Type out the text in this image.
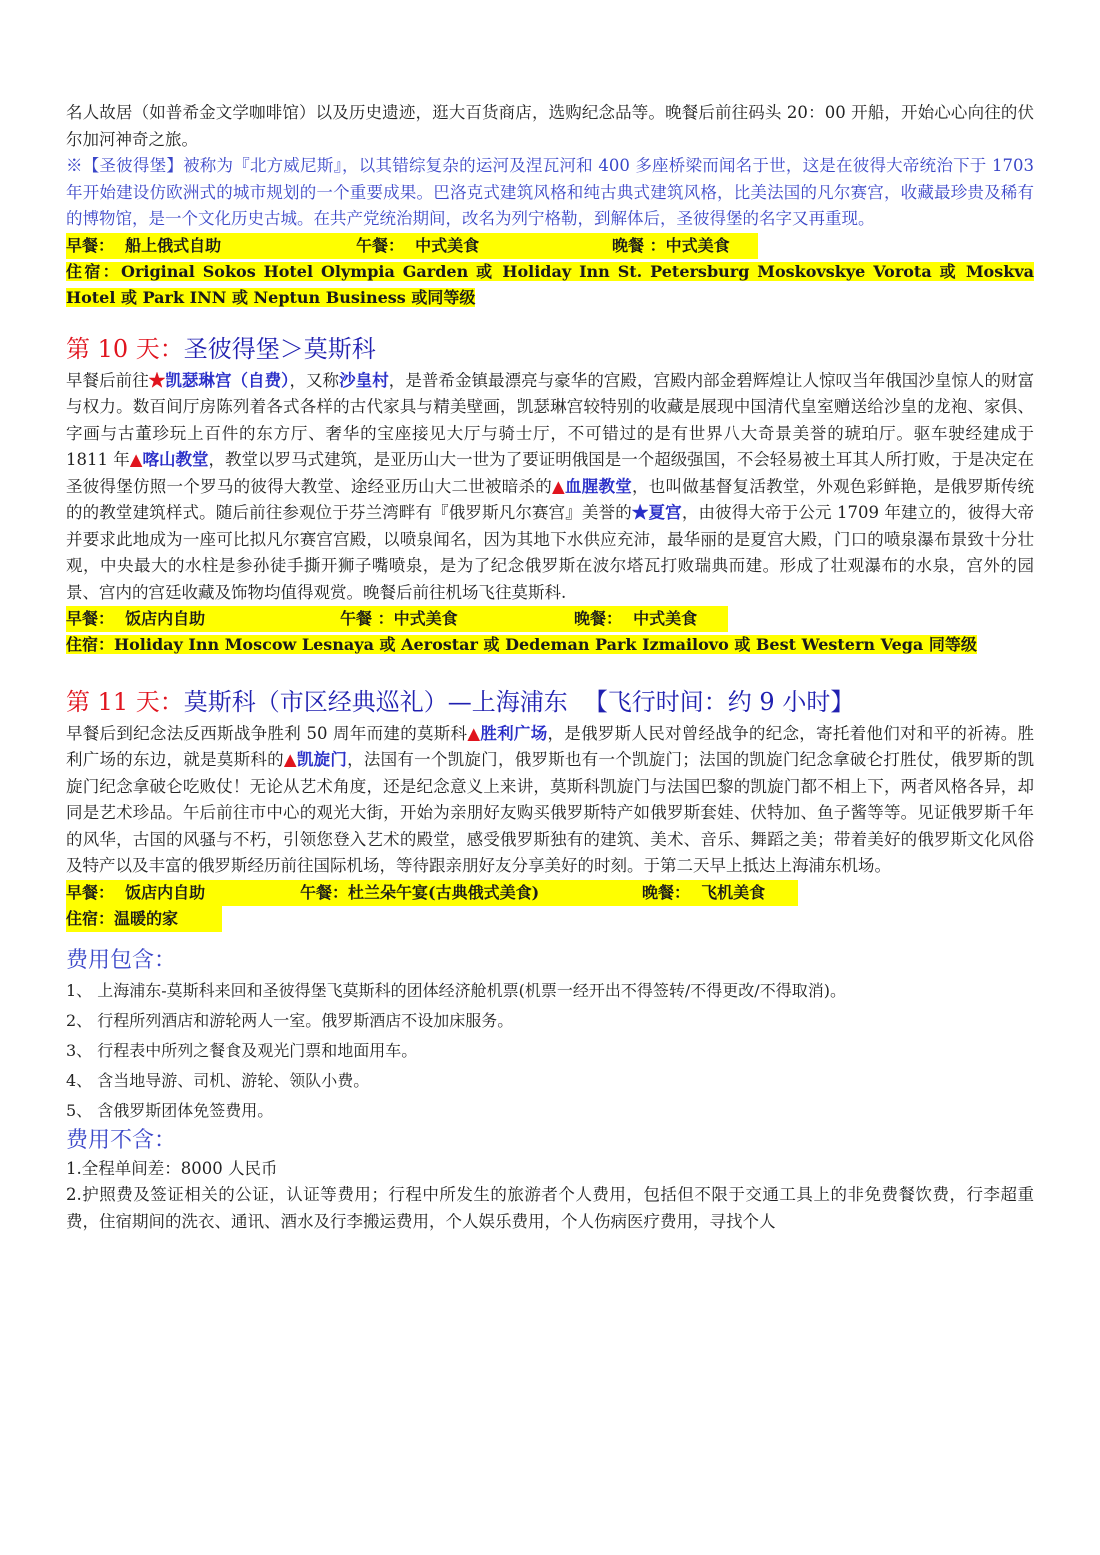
名人故居（如普希金文学咖啡馆）以及历史遗迹，逛大百货商店，选购纪念品等。晚餐后前往码头 20：00 开船，开始心心向往的伏尔加河神奇之旅。

※【圣彼得堡】被称为『北方威尼斯』，以其错综复杂的运河及涅瓦河和 400 多座桥梁而闻名于世，这是在彼得大帝统治下于 1703 年开始建设仿欧洲式的城市规划的一个重要成果。巴洛克式建筑风格和纯古典式建筑风格，比美法国的凡尔赛宫，收藏最珍贵及稀有的博物馆，是一个文化历史古城。在共产党统治期间，改名为列宁格勒，到解体后，圣彼得堡的名字又再重现。

早餐：  船上俄式自助	午餐：  中式美食	晚餐 ：中式美食

住宿：Original Sokos Hotel Olympia Garden 或 Holiday Inn St. Petersburg Moskovskye Vorota 或 Moskva Hotel 或 Park INN 或 Neptun Business 或同等级

第 10 天：圣彼得堡＞莫斯科

早餐后前往★凯瑟琳宫（自费），又称沙皇村，是普希金镇最漂亮与豪华的宫殿，宫殿内部金碧辉煌让人惊叹当年俄国沙皇惊人的财富与权力。数百间厅房陈列着各式各样的古代家具与精美壁画，凯瑟琳宫较特别的收藏是展现中国清代皇室赠送给沙皇的龙袍、家俱、字画与古董珍玩上百件的东方厅、奢华的宝座接见大厅与骑士厅，不可错过的是有世界八大奇景美誉的琥珀厅。驱车驶经建成于 1811 年▲喀山教堂，教堂以罗马式建筑，是亚历山大一世为了要证明俄国是一个超级强国，不会轻易被土耳其人所打败，于是决定在圣彼得堡仿照一个罗马的彼得大教堂、途经亚历山大二世被暗杀的▲血腥教堂，也叫做基督复活教堂，外观色彩鲜艳，是俄罗斯传统的的教堂建筑样式。随后前往参观位于芬兰湾畔有『俄罗斯凡尔赛宫』美誉的★夏宫，由彼得大帝于公元 1709 年建立的，彼得大帝并要求此地成为一座可比拟凡尔赛宫宫殿，以喷泉闻名，因为其地下水供应充沛，最华丽的是夏宫大殿，门口的喷泉瀑布景致十分壮观，中央最大的水柱是参孙徒手撕开狮子嘴喷泉，是为了纪念俄罗斯在波尔塔瓦打败瑞典而建。形成了壮观瀑布的水泉，宫外的园景、宫内的宫廷收藏及饰物均值得观赏。晚餐后前往机场飞往莫斯科.

早餐：  饭店内自助	午餐 ：中式美食	晚餐：  中式美食

住宿：Holiday Inn Moscow Lesnaya 或 Aerostar 或 Dedeman Park Izmailovo 或 Best Western Vega 同等级

第 11 天：莫斯科（市区经典巡礼）—上海浦东 【飞行时间：约 9 小时】

早餐后到纪念法反西斯战争胜利 50 周年而建的莫斯科▲胜利广场，是俄罗斯人民对曾经战争的纪念，寄托着他们对和平的祈祷。胜利广场的东边，就是莫斯科的▲凯旋门，法国有一个凯旋门，俄罗斯也有一个凯旋门；法国的凯旋门纪念拿破仑打胜仗，俄罗斯的凯旋门纪念拿破仑吃败仗！无论从艺术角度，还是纪念意义上来讲，莫斯科凯旋门与法国巴黎的凯旋门都不相上下，两者风格各异，却同是艺术珍品。午后前往市中心的观光大街，开始为亲朋好友购买俄罗斯特产如俄罗斯套娃、伏特加、鱼子酱等等。见证俄罗斯千年的风华，古国的风骚与不朽，引领您登入艺术的殿堂，感受俄罗斯独有的建筑、美术、音乐、舞蹈之美；带着美好的俄罗斯文化风俗及特产以及丰富的俄罗斯经历前往国际机场，等待跟亲朋好友分享美好的时刻。于第二天早上抵达上海浦东机场。

早餐：  饭店内自助	午餐：杜兰朵午宴(古典俄式美食)	晚餐：  飞机美食
住宿：温暖的家
费用包含：

1、 上海浦东-莫斯科来回和圣彼得堡飞莫斯科的团体经济舱机票(机票一经开出不得签转/不得更改/不得取消)。

2、 行程所列酒店和游轮两人一室。俄罗斯酒店不设加床服务。

3、 行程表中所列之餐食及观光门票和地面用车。

4、 含当地导游、司机、游轮、领队小费。

5、 含俄罗斯团体免签费用。

费用不含：

1.全程单间差：8000 人民币

2.护照费及签证相关的公证，认证等费用；行程中所发生的旅游者个人费用，包括但不限于交通工具上的非免费餐饮费，行李超重费，住宿期间的洗衣、通讯、酒水及行李搬运费用，个人娱乐费用，个人伤病医疗费用，寻找个人
